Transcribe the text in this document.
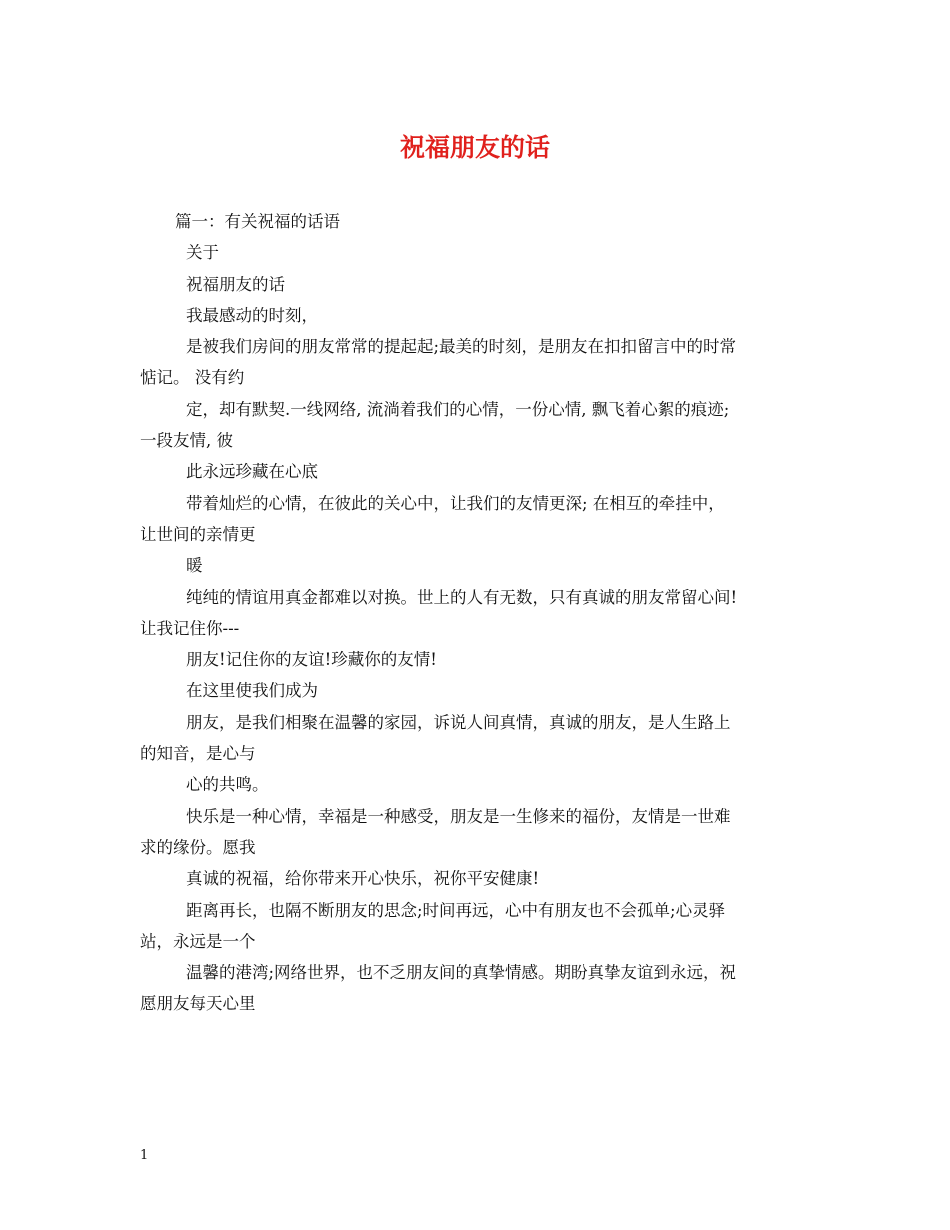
祝福朋友的话

篇一：有关祝福的话语

关于

祝福朋友的话

我最感动的时刻，

是被我们房间的朋友常常的提起起;最美的时刻，是朋友在扣扣留言中的时常

惦记。 没有约

定，却有默契.一线网络, 流淌着我们的心情，一份心情, 飘飞着心絮的痕迹;

一段友情, 彼

此永远珍藏在心底

带着灿烂的心情，在彼此的关心中，让我们的友情更深; 在相互的牵挂中，

让世间的亲情更

暖

纯纯的情谊用真金都难以对换。世上的人有无数，只有真诚的朋友常留心间!

让我记住你---

朋友!记住你的友谊!珍藏你的友情!

在这里使我们成为

朋友，是我们相聚在温馨的家园，诉说人间真情，真诚的朋友，是人生路上

的知音，是心与

心的共鸣。

快乐是一种心情，幸福是一种感受，朋友是一生修来的福份，友情是一世难

求的缘份。愿我

真诚的祝福，给你带来开心快乐，祝你平安健康!

距离再长，也隔不断朋友的思念;时间再远，心中有朋友也不会孤单;心灵驿

站，永远是一个

温馨的港湾;网络世界，也不乏朋友间的真挚情感。期盼真挚友谊到永远，祝

愿朋友每天心里

1
